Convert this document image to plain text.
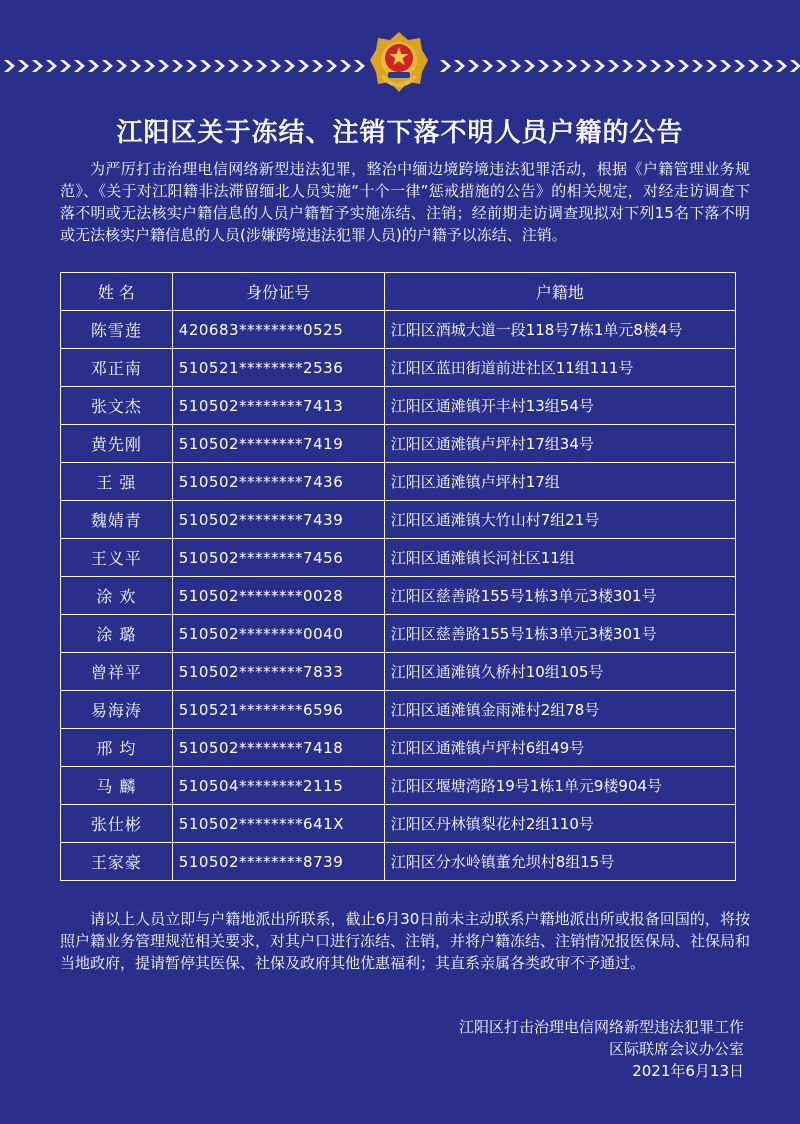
江阳区关于冻结、注销下落不明人员户籍的公告
为严厉打击治理电信网络新型违法犯罪，整治中缅边境跨境违法犯罪活动，根据《户籍管理业务规范》、《关于对江阳籍非法滞留缅北人员实施“十个一律”惩戒措施的公告》的相关规定，对经走访调查下落不明或无法核实户籍信息的人员户籍暂予实施冻结、注销；经前期走访调查现拟对下列15名下落不明或无法核实户籍信息的人员(涉嫌跨境违法犯罪人员)的户籍予以冻结、注销。
姓 名	身份证号	户籍地
陈雪莲	420683********0525	江阳区酒城大道一段118号7栋1单元8楼4号
邓正南	510521********2536	江阳区蓝田街道前进社区11组111号
张文杰	510502********7413	江阳区通滩镇开丰村13组54号
黄先刚	510502********7419	江阳区通滩镇卢坪村17组34号
王 强	510502********7436	江阳区通滩镇卢坪村17组
魏婧青	510502********7439	江阳区通滩镇大竹山村7组21号
王义平	510502********7456	江阳区通滩镇长河社区11组
涂 欢	510502********0028	江阳区慈善路155号1栋3单元3楼301号
涂 璐	510502********0040	江阳区慈善路155号1栋3单元3楼301号
曾祥平	510502********7833	江阳区通滩镇久桥村10组105号
易海涛	510521********6596	江阳区通滩镇金雨滩村2组78号
邢 均	510502********7418	江阳区通滩镇卢坪村6组49号
马 麟	510504********2115	江阳区堰塘湾路19号1栋1单元9楼904号
张仕彬	510502********641X	江阳区丹林镇梨花村2组110号
王家豪	510502********8739	江阳区分水岭镇董允坝村8组15号
请以上人员立即与户籍地派出所联系，截止6月30日前未主动联系户籍地派出所或报备回国的，将按照户籍业务管理规范相关要求，对其户口进行冻结、注销，并将户籍冻结、注销情况报医保局、社保局和当地政府，提请暂停其医保、社保及政府其他优惠福利；其直系亲属各类政审不予通过。
江阳区打击治理电信网络新型违法犯罪工作
区际联席会议办公室
2021年6月13日
